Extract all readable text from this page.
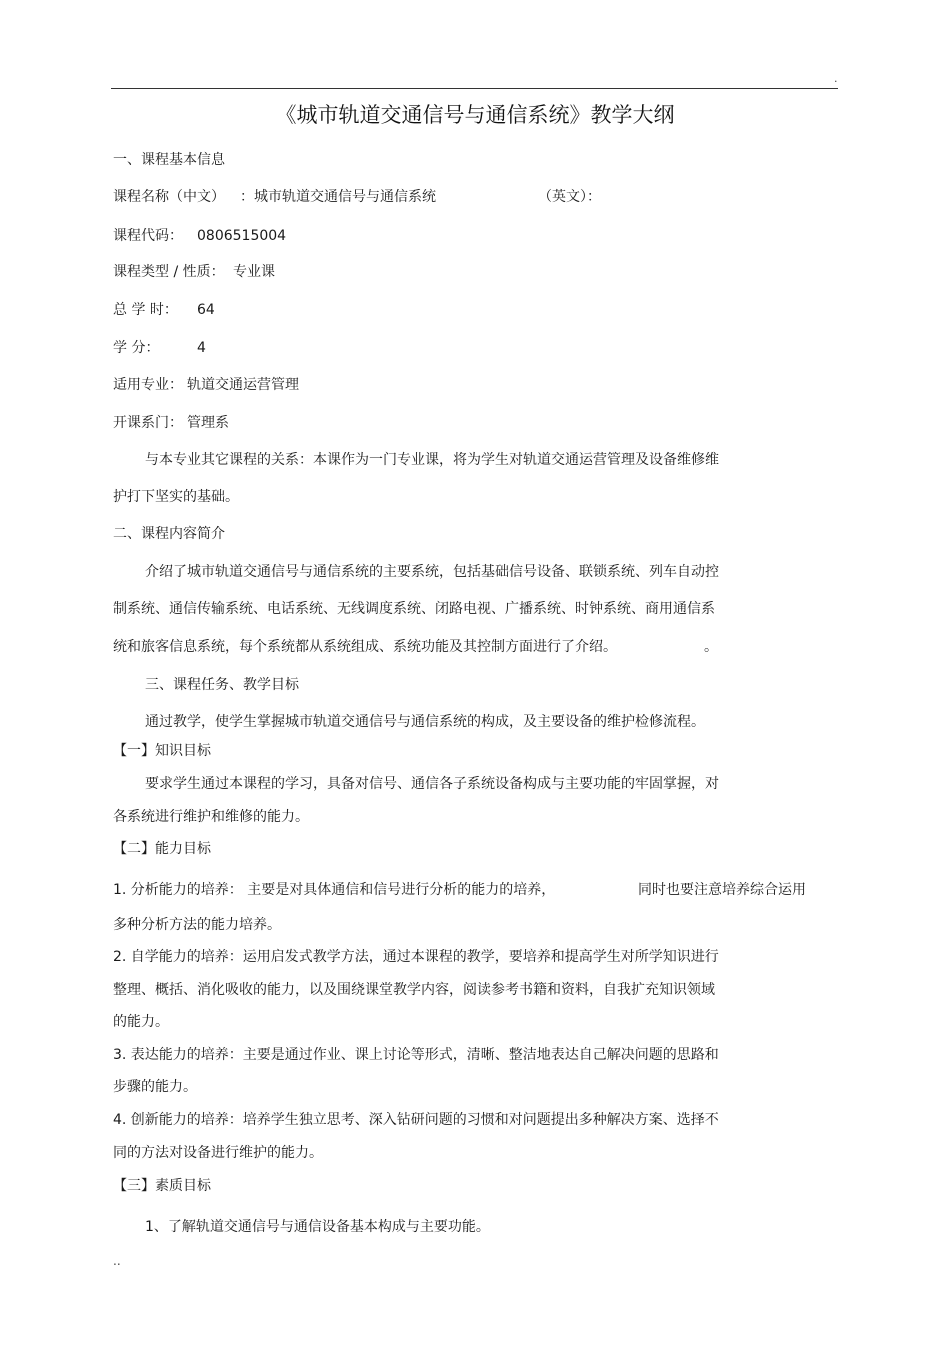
.
《城市轨道交通信号与通信系统》教学大纲
一、课程基本信息
课程名称（中文） ： 城市轨道交通信号与通信系统	（英文）：
课程代码： 0806515004
课程类型 / 性质： 专业课
总 学 时： 64
学 分：	4
适用专业： 轨道交通运营管理
开课系门： 管理系
与本专业其它课程的关系：本课作为一门专业课，将为学生对轨道交通运营管理及设备维修维
护打下坚实的基础。
二、课程内容简介
介绍了城市轨道交通信号与通信系统的主要系统，包括基础信号设备、联锁系统、列车自动控
制系统、通信传输系统、电话系统、无线调度系统、闭路电视、广播系统、时钟系统、商用通信系
统和旅客信息系统，每个系统都从系统组成、系统功能及其控制方面进行了介绍。	。
三、课程任务、教学目标
通过教学，使学生掌握城市轨道交通信号与通信系统的构成，及主要设备的维护检修流程。
【一】知识目标
要求学生通过本课程的学习，具备对信号、通信各子系统设备构成与主要功能的牢固掌握，对
各系统进行维护和维修的能力。
【二】能力目标
1. 分析能力的培养： 主要是对具体通信和信号进行分析的能力的培养，	同时也要注意培养综合运用
多种分析方法的能力培养。
2. 自学能力的培养：运用启发式教学方法，通过本课程的教学，要培养和提高学生对所学知识进行
整理、概括、消化吸收的能力，以及围绕课堂教学内容，阅读参考书籍和资料，自我扩充知识领域
的能力。
3. 表达能力的培养：主要是通过作业、课上讨论等形式，清晰、整洁地表达自己解决问题的思路和
步骤的能力。
4. 创新能力的培养：培养学生独立思考、深入钻研问题的习惯和对问题提出多种解决方案、选择不
同的方法对设备进行维护的能力。
【三】素质目标
1、了解轨道交通信号与通信设备基本构成与主要功能。
..
